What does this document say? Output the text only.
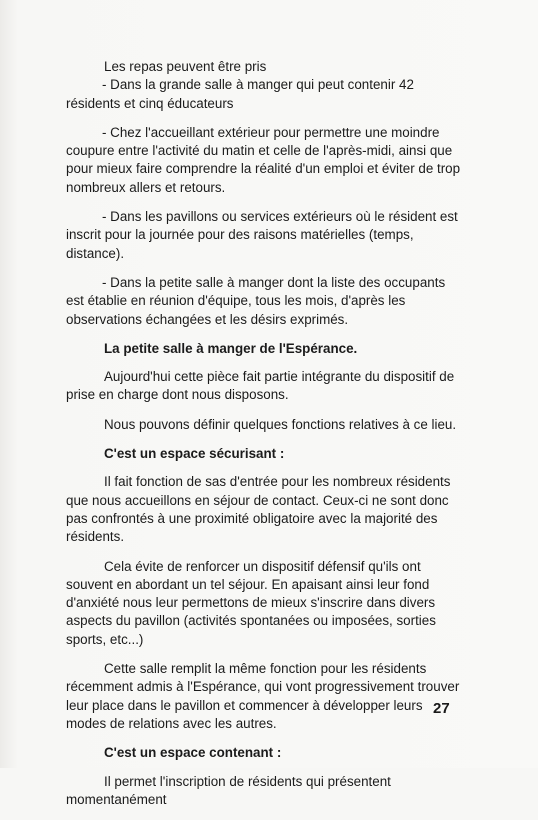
Les repas peuvent être pris

- Dans la grande salle à manger qui peut contenir 42 résidents et cinq éducateurs

- Chez l'accueillant extérieur pour permettre une moindre coupure entre l'activité du matin et celle de l'après-midi, ainsi que pour mieux faire comprendre la réalité d'un emploi et éviter de trop nombreux allers et retours.

- Dans les pavillons ou services extérieurs où le résident est inscrit pour la journée pour des raisons matérielles (temps, distance).

- Dans la petite salle à manger dont la liste des occupants est établie en réunion d'équipe, tous les mois, d'après les observations échangées et les désirs exprimés.

La petite salle à manger de l'Espérance.

Aujourd'hui cette pièce fait partie intégrante du dispositif de prise en charge dont nous disposons.

Nous pouvons définir quelques fonctions relatives à ce lieu.

C'est un espace sécurisant :

Il fait fonction de sas d'entrée pour les nombreux résidents que nous accueillons en séjour de contact. Ceux-ci ne sont donc pas confrontés à une proximité obligatoire avec la majorité des résidents.

Cela évite de renforcer un dispositif défensif qu'ils ont souvent en abordant un tel séjour. En apaisant ainsi leur fond d'anxiété nous leur permettons de mieux s'inscrire dans divers aspects du pavillon (activités spontanées ou imposées, sorties sports, etc...)

Cette salle remplit la même fonction pour les résidents récemment admis à l'Espérance, qui vont progressivement trouver leur place dans le pavillon et commencer à développer leurs modes de relations avec les autres.

C'est un espace contenant :

Il permet l'inscription de résidents qui présentent momentanément

27
